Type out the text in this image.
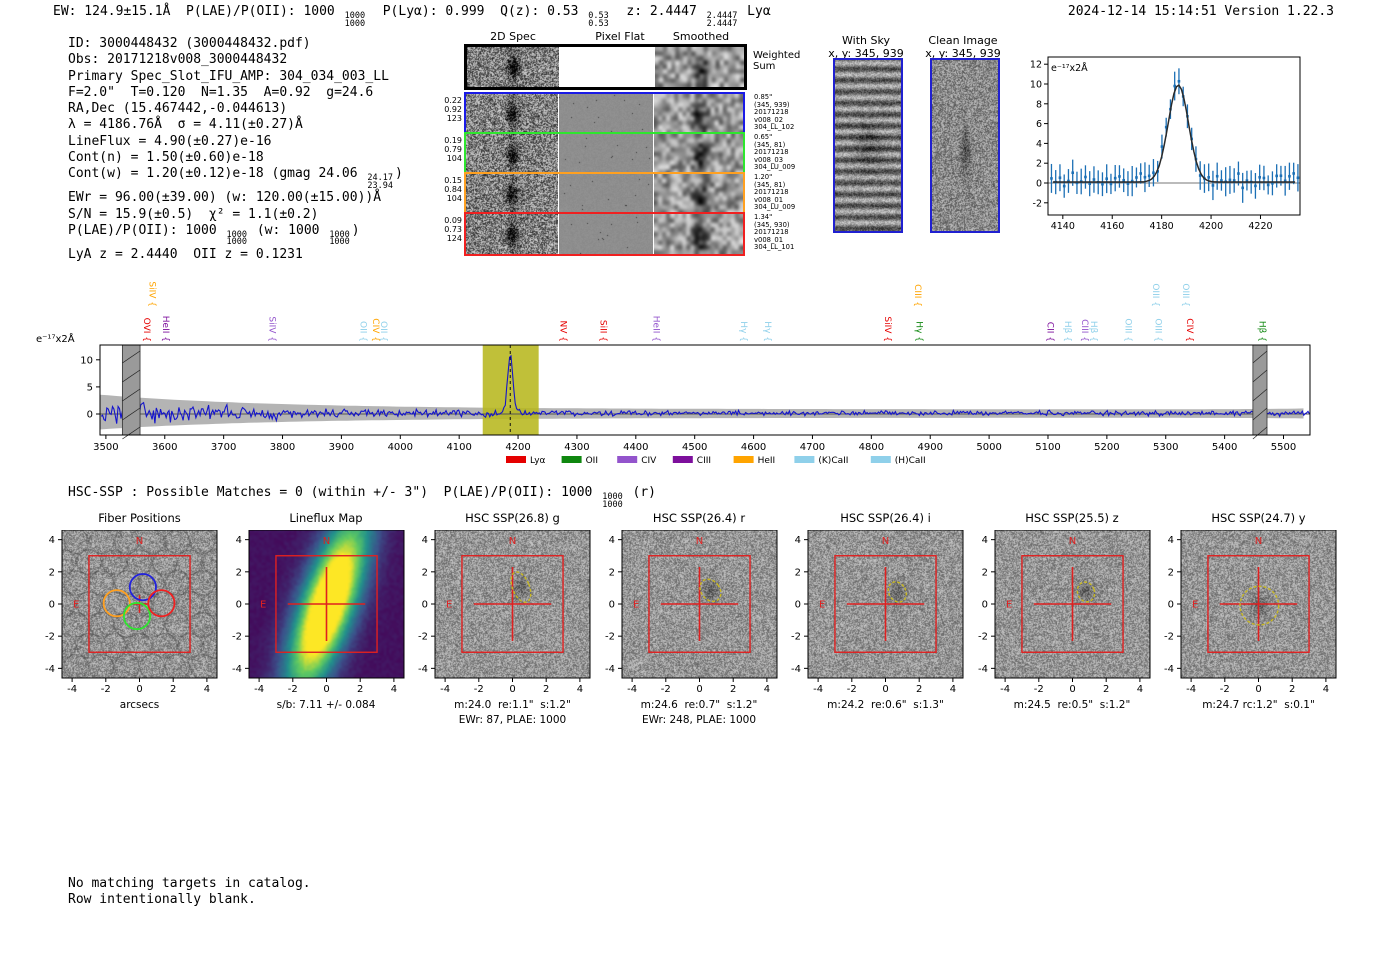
EW: 124.9±15.1Å  P(LAE)/P(OII): 1000 1000
1000
P(Lyα): 0.999  Q(z): 0.53 0.53
0.53
z: 2.4447 2.4447
2.4447
Lyα	2024-12-14 15:14:51 Version 1.22.3
ID: 3000448432 (3000448432.pdf)
Obs: 20171218v008_3000448432
Primary Spec_Slot_IFU_AMP: 304_034_003_LL
F=2.0"  T=0.120  N=1.35  A=0.92  g=24.6
RA,Dec (15.467442,-0.044613)
λ = 4186.76Å  σ = 4.11(±0.27)Å
LineFlux = 4.90(±0.27)e-16
Cont(n) = 1.50(±0.60)e-18
Cont(w) = 1.20(±0.12)e-18 (gmag 24.06 24.17
23.94
)
EWr = 96.00(±39.00) (w: 120.00(±15.00))Å
S/N = 15.9(±0.5)  χ² = 1.1(±0.2)
P(LAE)/P(OII): 1000 1000
1000
(w: 1000 1000
1000
)
LyA z = 2.4440  OII z = 0.1231
2D Spec	Pixel Flat	Smoothed
0.22
0.92
123
0.85"
(345, 939)
20171218
v008_02
304_LL_102
0.19
0.79
104
0.65"
(345, 81)
20171218
v008_03
304_LU_009
0.15
0.84
104
1.20"
(345, 81)
20171218
v008_01
304_LU_009
0.09
0.73
124
1.34"
(345, 930)
20171218
v008_01
304_LL_101
Weighted
Sum
With Sky
x, y: 345, 939
Clean Image
x, y: 345, 939
4140	4160	4180	4200	4220
-2
0
2
4
6
8
10
12 e⁻¹⁷x2Å
3500	3600	3700	3800	3900	4000	4100	4200	4300	4400	4500	4600	4700	4800	4900	5000	5100	5200	5300	5400	5500
0
5
10
e⁻¹⁷x2Å	OVI {
SiIV {
HeII {	SiIV {	OII { CIV {
OII {	NV {	SiII {	HeII {	Hγ { Hγ {	SiIV {
CIII {
Hγ {	CII { Hβ { CIII {
Hβ {	OIII {
OIII {
OIII {
OIII {
CIV {	Hβ {
Lyα	OII	CIV	CIII	HeII	(K)CaII	(H)CaII
HSC-SSP : Possible Matches = 0 (within +/- 3")  P(LAE)/P(OII): 1000 1000
1000
(r)
Fiber Positions
-4
-4
-2
-2
0
0
2
2
4
4	N
E
arcsecs
Lineflux Map
-4
-4
-2
-2
0
0
2
2
4
4	N
E
s/b: 7.11 +/- 0.084
HSC SSP(26.8) g
-4
-4
-2
-2
0
0
2
2
4
4	N
E
m:24.0  re:1.1"  s:1.2"
EWr: 87, PLAE: 1000
HSC SSP(26.4) r
-4
-4
-2
-2
0
0
2
2
4
4	N
E
m:24.6  re:0.7"  s:1.2"
EWr: 248, PLAE: 1000
HSC SSP(26.4) i
-4
-4
-2
-2
0
0
2
2
4
4	N
E
m:24.2  re:0.6"  s:1.3"
HSC SSP(25.5) z
-4
-4
-2
-2
0
0
2
2
4
4	N
E
m:24.5  re:0.5"  s:1.2"
HSC SSP(24.7) y
-4
-4
-2
-2
0
0
2
2
4
4	N
E
m:24.7 rc:1.2"  s:0.1"
No matching targets in catalog.
Row intentionally blank.
